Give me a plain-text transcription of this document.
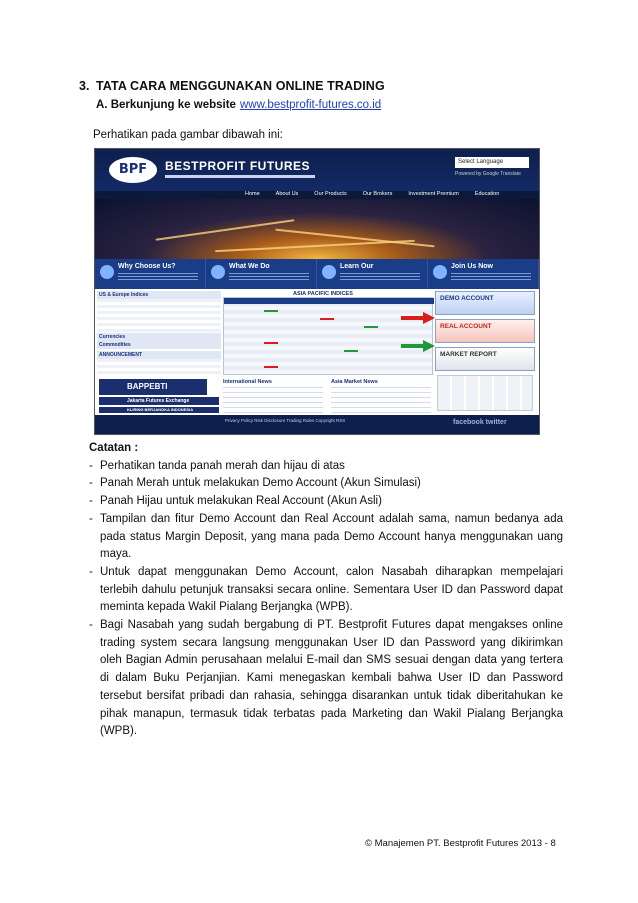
3. TATA CARA MENGGUNAKAN ONLINE TRADING
A. Berkunjung ke website www.bestprofit-futures.co.id
Perhatikan pada gambar dibawah ini:
BPF	BESTPROFIT FUTURES	Select Language
Powered by Google Translate
Home	About Us	Our Products	Our Brokers	Investment Premium	Education
Why Choose Us?	What We Do	Learn Our	Join Us Now
US & Europe Indices
Currencies
Commodities
ANNOUNCEMENT
BAPPEBTI
Jakarta Futures Exchange
KLIRING BERJANGKA INDONESIA
ASIA PACIFIC INDICES
International News	Asia Market News
DEMO ACCOUNT
REAL ACCOUNT
MARKET REPORT
Privacy Policy Risk Disclosure Trading Rules Copyright RSS	facebook twitter
Catatan :
- Perhatikan tanda panah merah dan hijau di atas
- Panah Merah untuk melakukan Demo Account (Akun Simulasi)
- Panah Hijau untuk melakukan Real Account (Akun Asli)
- Tampilan dan fitur Demo Account dan Real Account adalah sama, namun bedanya ada pada status Margin Deposit, yang mana pada Demo Account hanya menggunakan uang maya.
- Untuk dapat menggunakan Demo Account, calon Nasabah diharapkan mempelajari terlebih dahulu petunjuk transaksi secara online. Sementara User ID dan Password dapat meminta kepada Wakil Pialang Berjangka (WPB).
- Bagi Nasabah yang sudah bergabung di PT. Bestprofit Futures dapat mengakses online trading system secara langsung menggunakan User ID dan Password yang dikirimkan oleh Bagian Admin perusahaan melalui E-mail dan SMS sesuai dengan data yang tertera di dalam Buku Perjanjian. Kami menegaskan kembali bahwa User ID dan Password tersebut bersifat pribadi dan rahasia, sehingga disarankan untuk tidak diberitahukan ke pihak manapun, termasuk tidak terbatas pada Marketing dan Wakil Pialang Berjangka (WPB).
© Manajemen PT. Bestprofit Futures 2013 - 8
